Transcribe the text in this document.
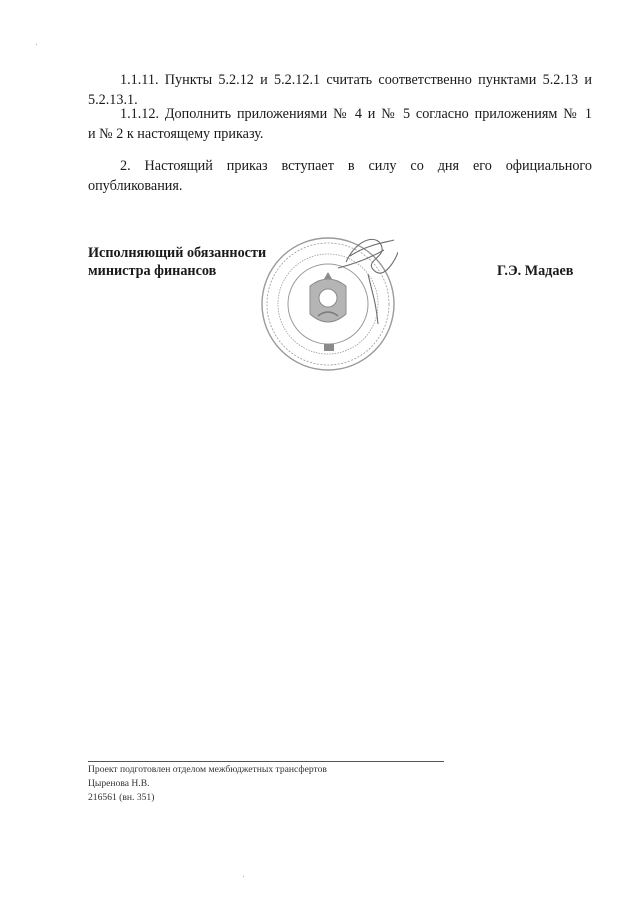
1.1.11. Пункты 5.2.12 и 5.2.12.1 считать соответственно пунктами 5.2.13 и

5.2.13.1.

1.1.12. Дополнить приложениями № 4 и № 5 согласно приложениям № 1

и № 2 к настоящему приказу.

2. Настоящий приказ вступает в силу со дня его официального

опубликования.

Исполняющий обязанности
министра финансов	Г.Э. Мадаев
Проект подготовлен отделом межбюджетных трансфертов
Цыренова Н.В.
216561 (вн. 351)
